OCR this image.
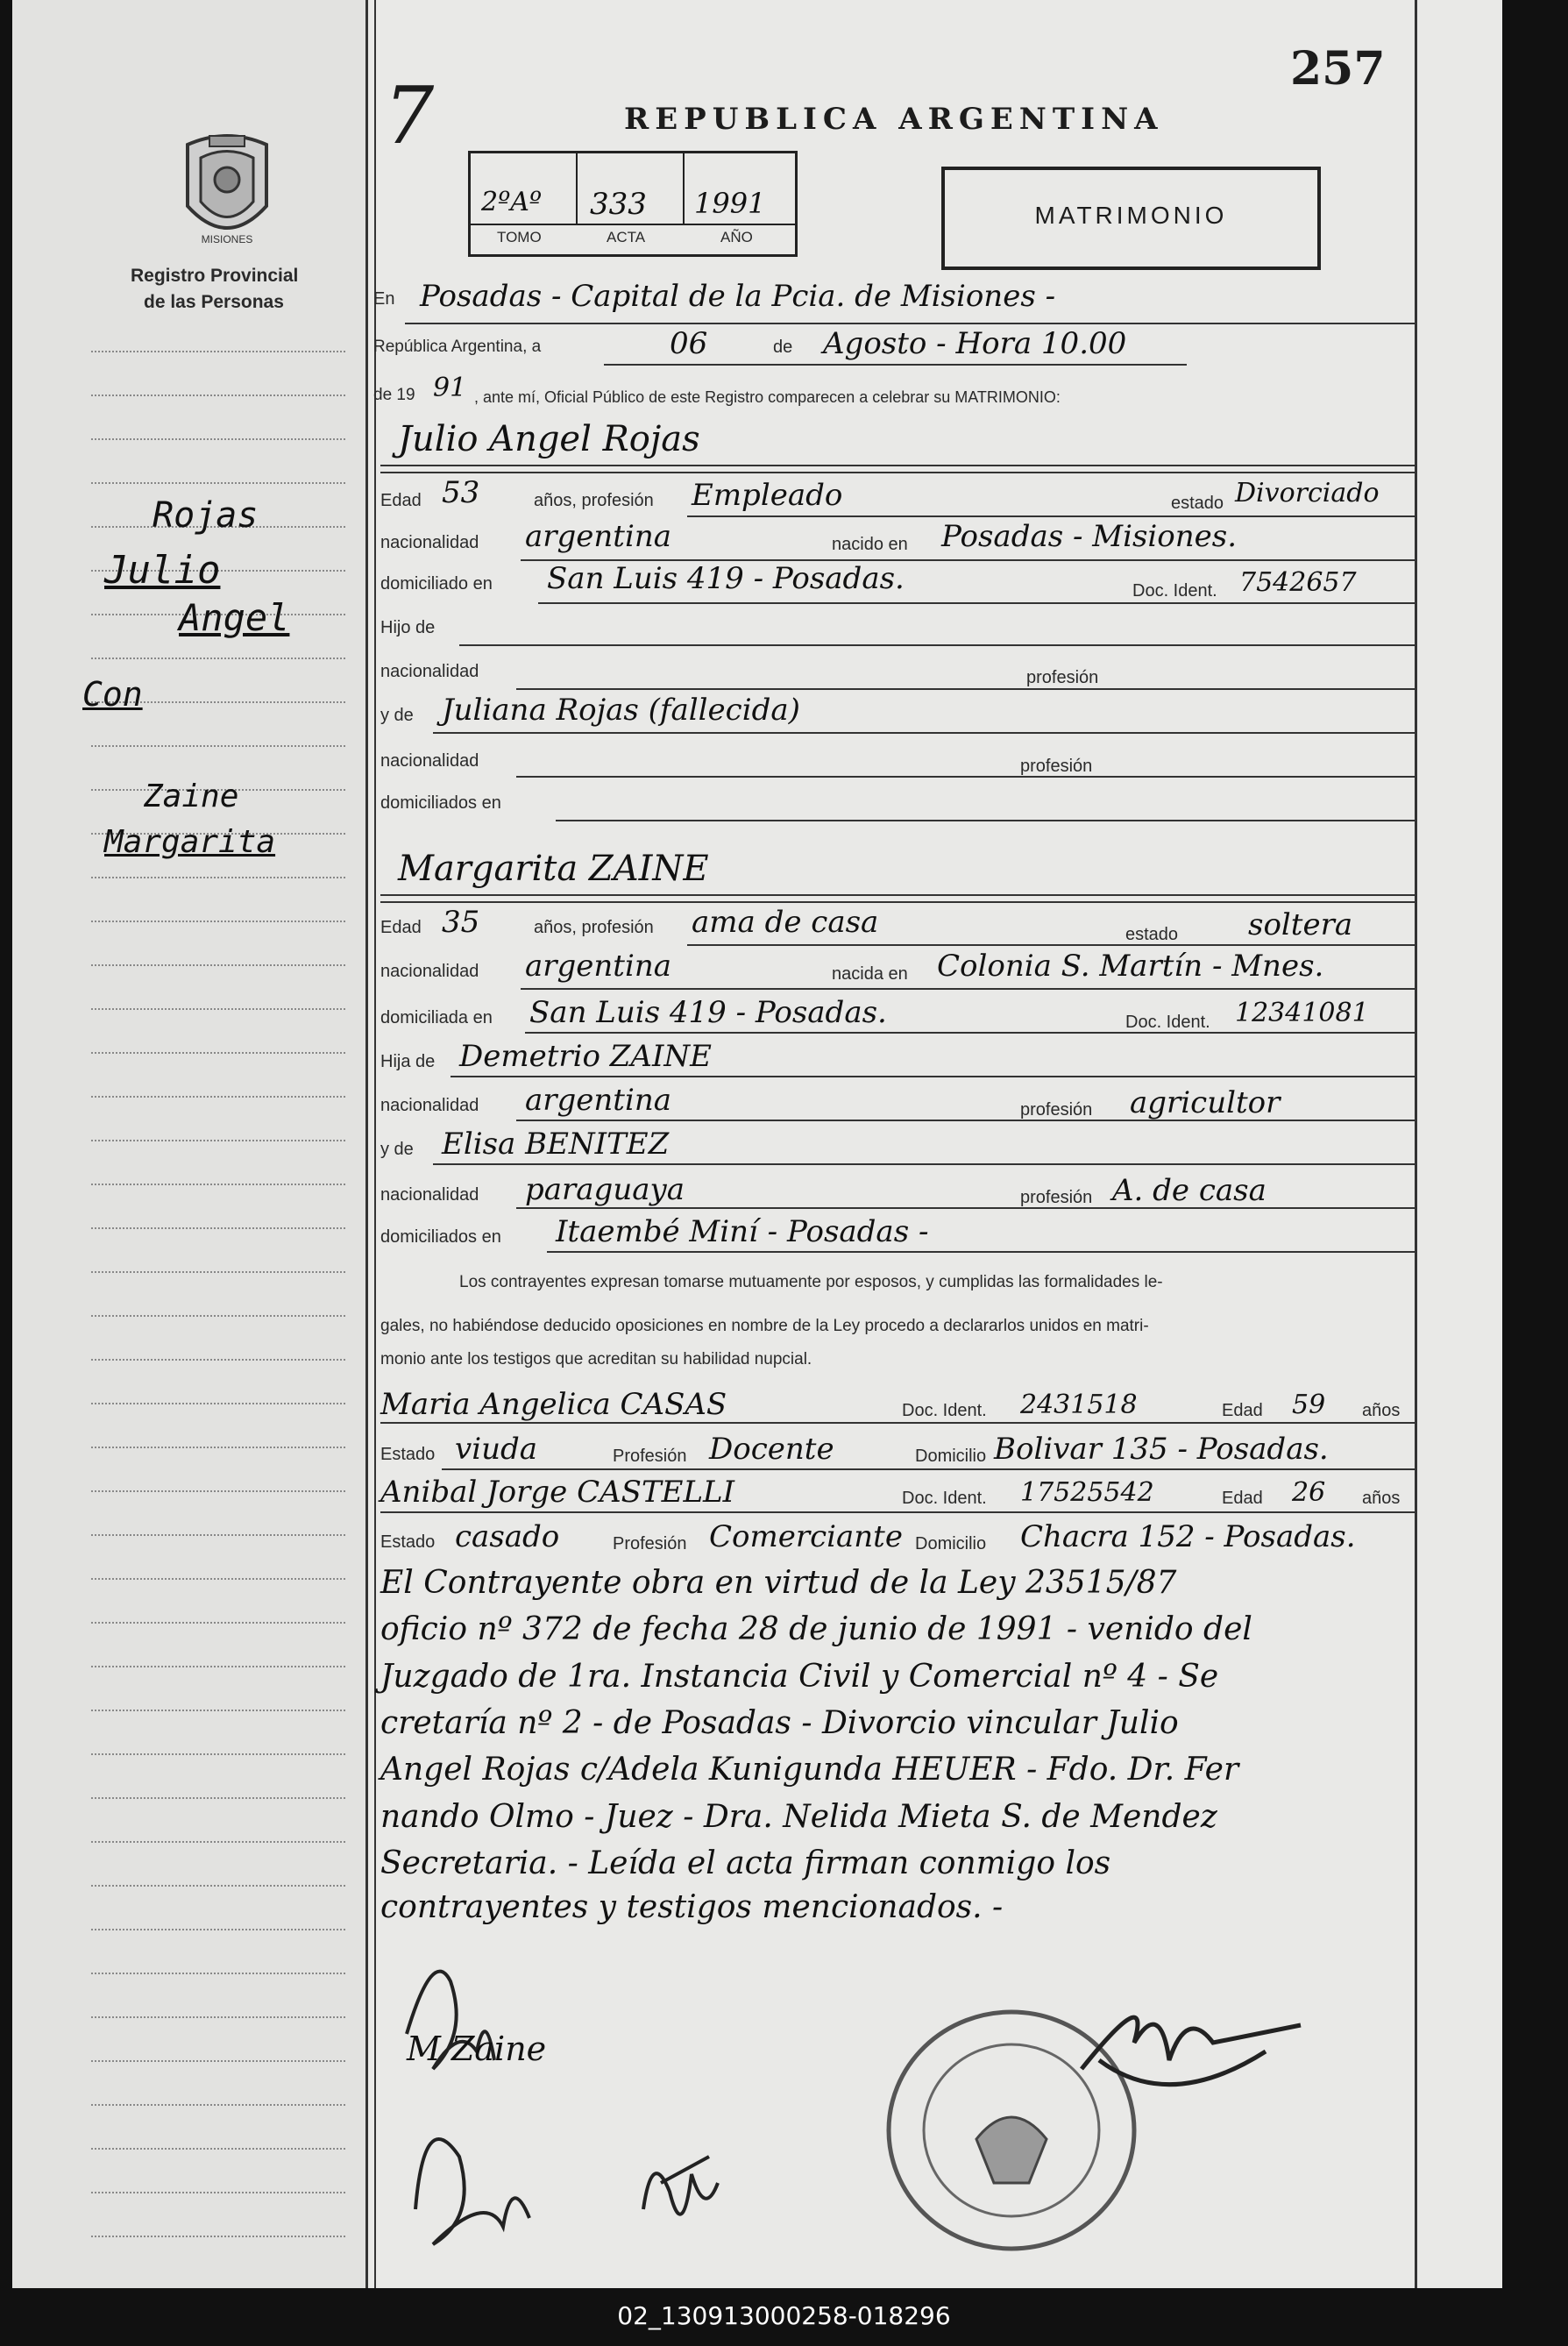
MISIONES
Registro Provincial
de las Personas
Rojas
Julio
Angel
Con
Zaine
Margarita
257
7	REPUBLICA ARGENTINA
2ºAº 333 1991
TOMO	ACTA	AÑO
MATRIMONIO
En Posadas - Capital de la Pcia. de Misiones -
República Argentina, a	06	de Agosto - Hora 10.00
de 19 91 , ante mí, Oficial Público de este Registro comparecen a celebrar su MATRIMONIO:
Julio Angel Rojas
Edad 53	años, profesión Empleado	estado Divorciado
nacionalidad argentina	nacido en Posadas - Misiones.
domiciliado en San Luis 419 - Posadas.	Doc. Ident. 7542657
Hijo de
nacionalidad	profesión
y de Juliana Rojas (fallecida)
nacionalidad	profesión
domiciliados en
Margarita ZAINE
Edad 35	años, profesión ama de casa	estado soltera
nacionalidad argentina	nacida en Colonia S. Martín - Mnes.
domiciliada en San Luis 419 - Posadas.	Doc. Ident. 12341081
Hija de Demetrio ZAINE
nacionalidad argentina	profesión agricultor
y de Elisa BENITEZ
nacionalidad paraguaya	profesión A. de casa
domiciliados en Itaembé Miní - Posadas -
Los contrayentes expresan tomarse mutuamente por esposos, y cumplidas las formalidades le-
gales, no habiéndose deducido oposiciones en nombre de la Ley procedo a declararlos unidos en matri-
monio ante los testigos que acreditan su habilidad nupcial.
Maria Angelica CASAS	Doc. Ident. 2431518	Edad 59 años
Estado viuda	Profesión Docente	Domicilio Bolivar 135 - Posadas.
Anibal Jorge CASTELLI	Doc. Ident. 17525542	Edad 26 años
Estado casado	Profesión Comerciante Domicilio Chacra 152 - Posadas.
El Contrayente obra en virtud de la Ley 23515/87
oficio nº 372 de fecha 28 de junio de 1991 - venido del
Juzgado de 1ra. Instancia Civil y Comercial nº 4 - Se
cretaría nº 2 - de Posadas - Divorcio vincular Julio
Angel Rojas c/Adela Kunigunda HEUER - Fdo. Dr. Fer
nando Olmo - Juez - Dra. Nelida Mieta S. de Mendez
Secretaria. - Leída el acta firman conmigo los
contrayentes y testigos mencionados. -
M Zaine
02_130913000258-018296
